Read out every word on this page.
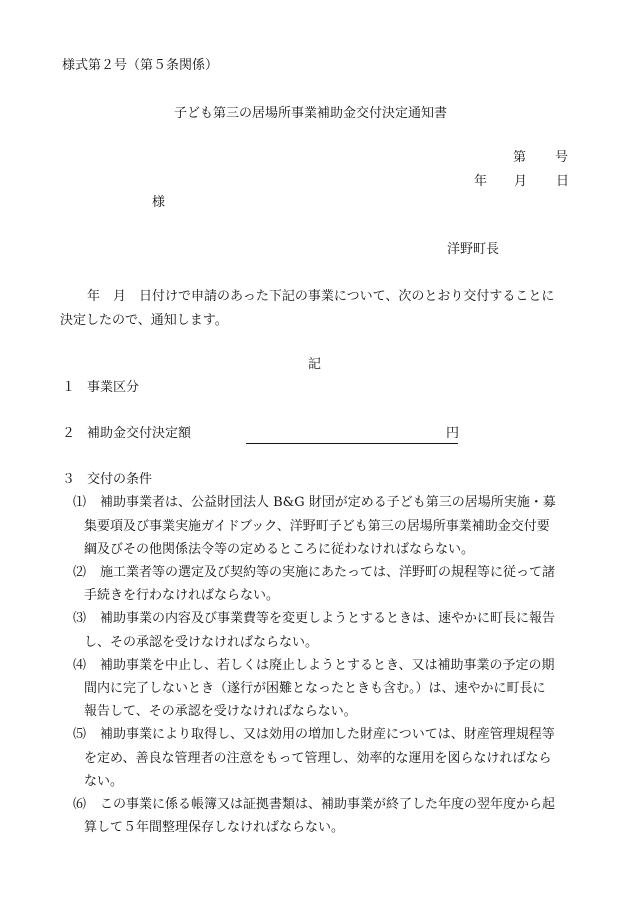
様式第２号（第５条関係）
子ども第三の居場所事業補助金交付決定通知書
第 号
年 月 日
様
洋野町長
年　月　日付けで申請のあった下記の事業について、次のとおり交付することに
決定したので、通知します。
記
１ 事業区分
２ 補助金交付決定額	円
３ 交付の条件
⑴ 補助事業者は、公益財団法人 B&G 財団が定める子ども第三の居場所実施・募
集要項及び事業実施ガイドブック、洋野町子ども第三の居場所事業補助金交付要
綱及びその他関係法令等の定めるところに従わなければならない。
⑵ 施工業者等の選定及び契約等の実施にあたっては、洋野町の規程等に従って諸
手続きを行わなければならない。
⑶ 補助事業の内容及び事業費等を変更しようとするときは、速やかに町長に報告
し、その承認を受けなければならない。
⑷ 補助事業を中止し、若しくは廃止しようとするとき、又は補助事業の予定の期
間内に完了しないとき（遂行が困難となったときも含む。）は、速やかに町長に
報告して、その承認を受けなければならない。
⑸ 補助事業により取得し、又は効用の増加した財産については、財産管理規程等
を定め、善良な管理者の注意をもって管理し、効率的な運用を図らなければなら
ない。
⑹ この事業に係る帳簿又は証拠書類は、補助事業が終了した年度の翌年度から起
算して５年間整理保存しなければならない。
